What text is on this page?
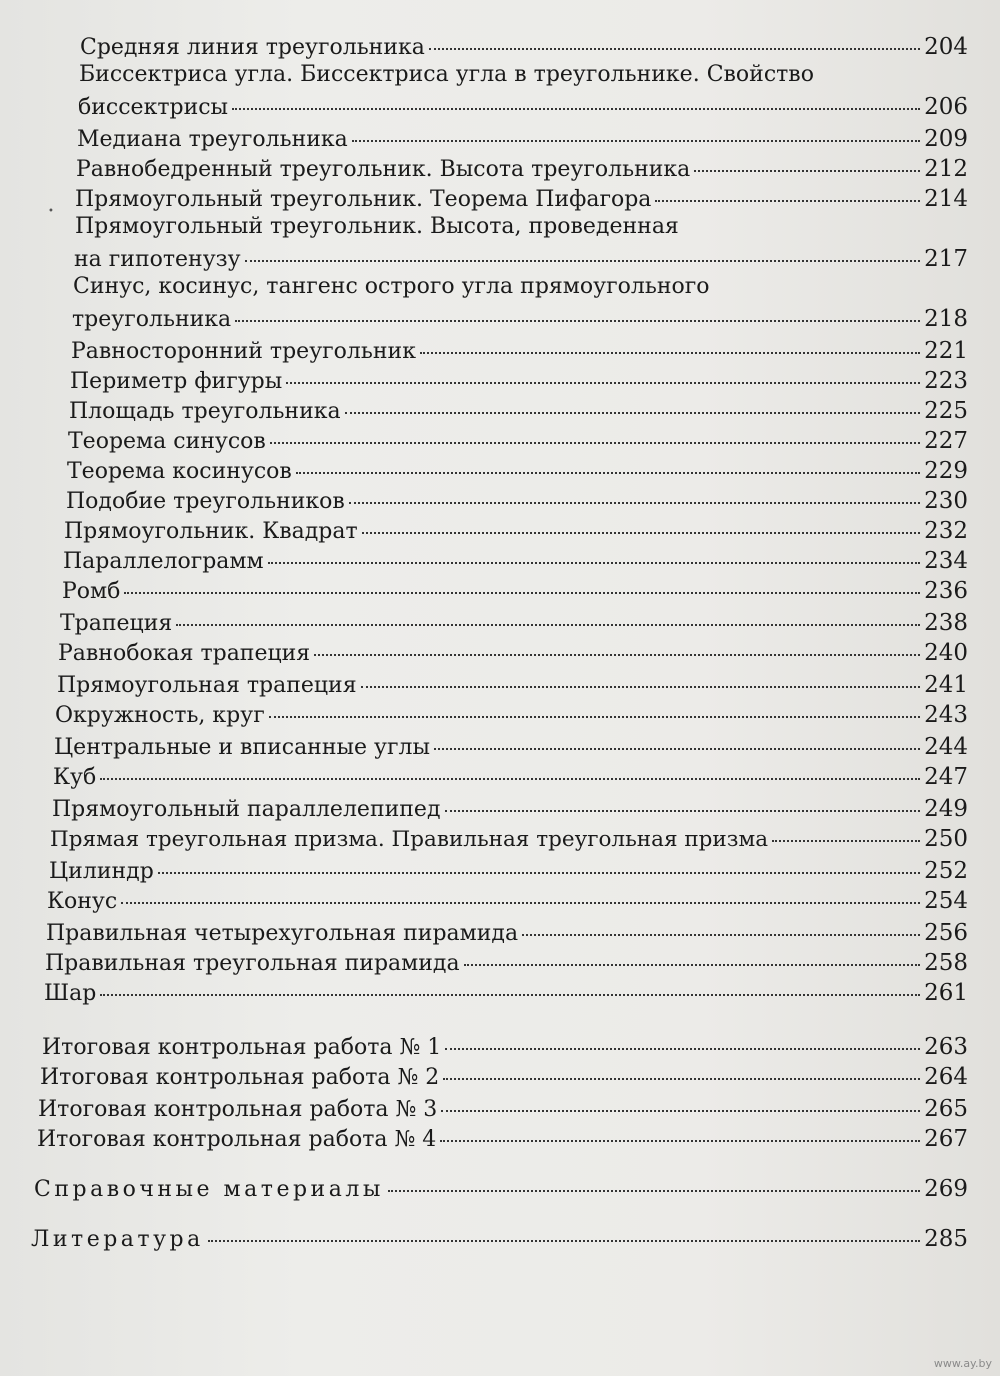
Средняя линия треугольника	204
Биссектриса угла. Биссектриса угла в треугольнике. Свойство
биссектрисы	206
Медиана треугольника	209
Равнобедренный треугольник. Высота треугольника	212
Прямоугольный треугольник. Теорема Пифагора	214
•
Прямоугольный треугольник. Высота, проведенная
на гипотенузу	217
Синус, косинус, тангенс острого угла прямоугольного
треугольника	218
Равносторонний треугольник	221
Периметр фигуры	223
Площадь треугольника	225
Теорема синусов	227
Теорема косинусов	229
Подобие треугольников	230
Прямоугольник. Квадрат	232
Параллелограмм	234
Ромб	236
Трапеция	238
Равнобокая трапеция	240
Прямоугольная трапеция	241
Окружность, круг	243
Центральные и вписанные углы	244
Куб	247
Прямоугольный параллелепипед	249
Прямая треугольная призма. Правильная треугольная призма	250
Цилиндр	252
Конус	254
Правильная четырехугольная пирамида	256
Правильная треугольная пирамида	258
Шар	261
Итоговая контрольная работа № 1	263
Итоговая контрольная работа № 2	264
Итоговая контрольная работа № 3	265
Итоговая контрольная работа № 4	267
Справочные материалы	269
Литература	285
www.ay.by
